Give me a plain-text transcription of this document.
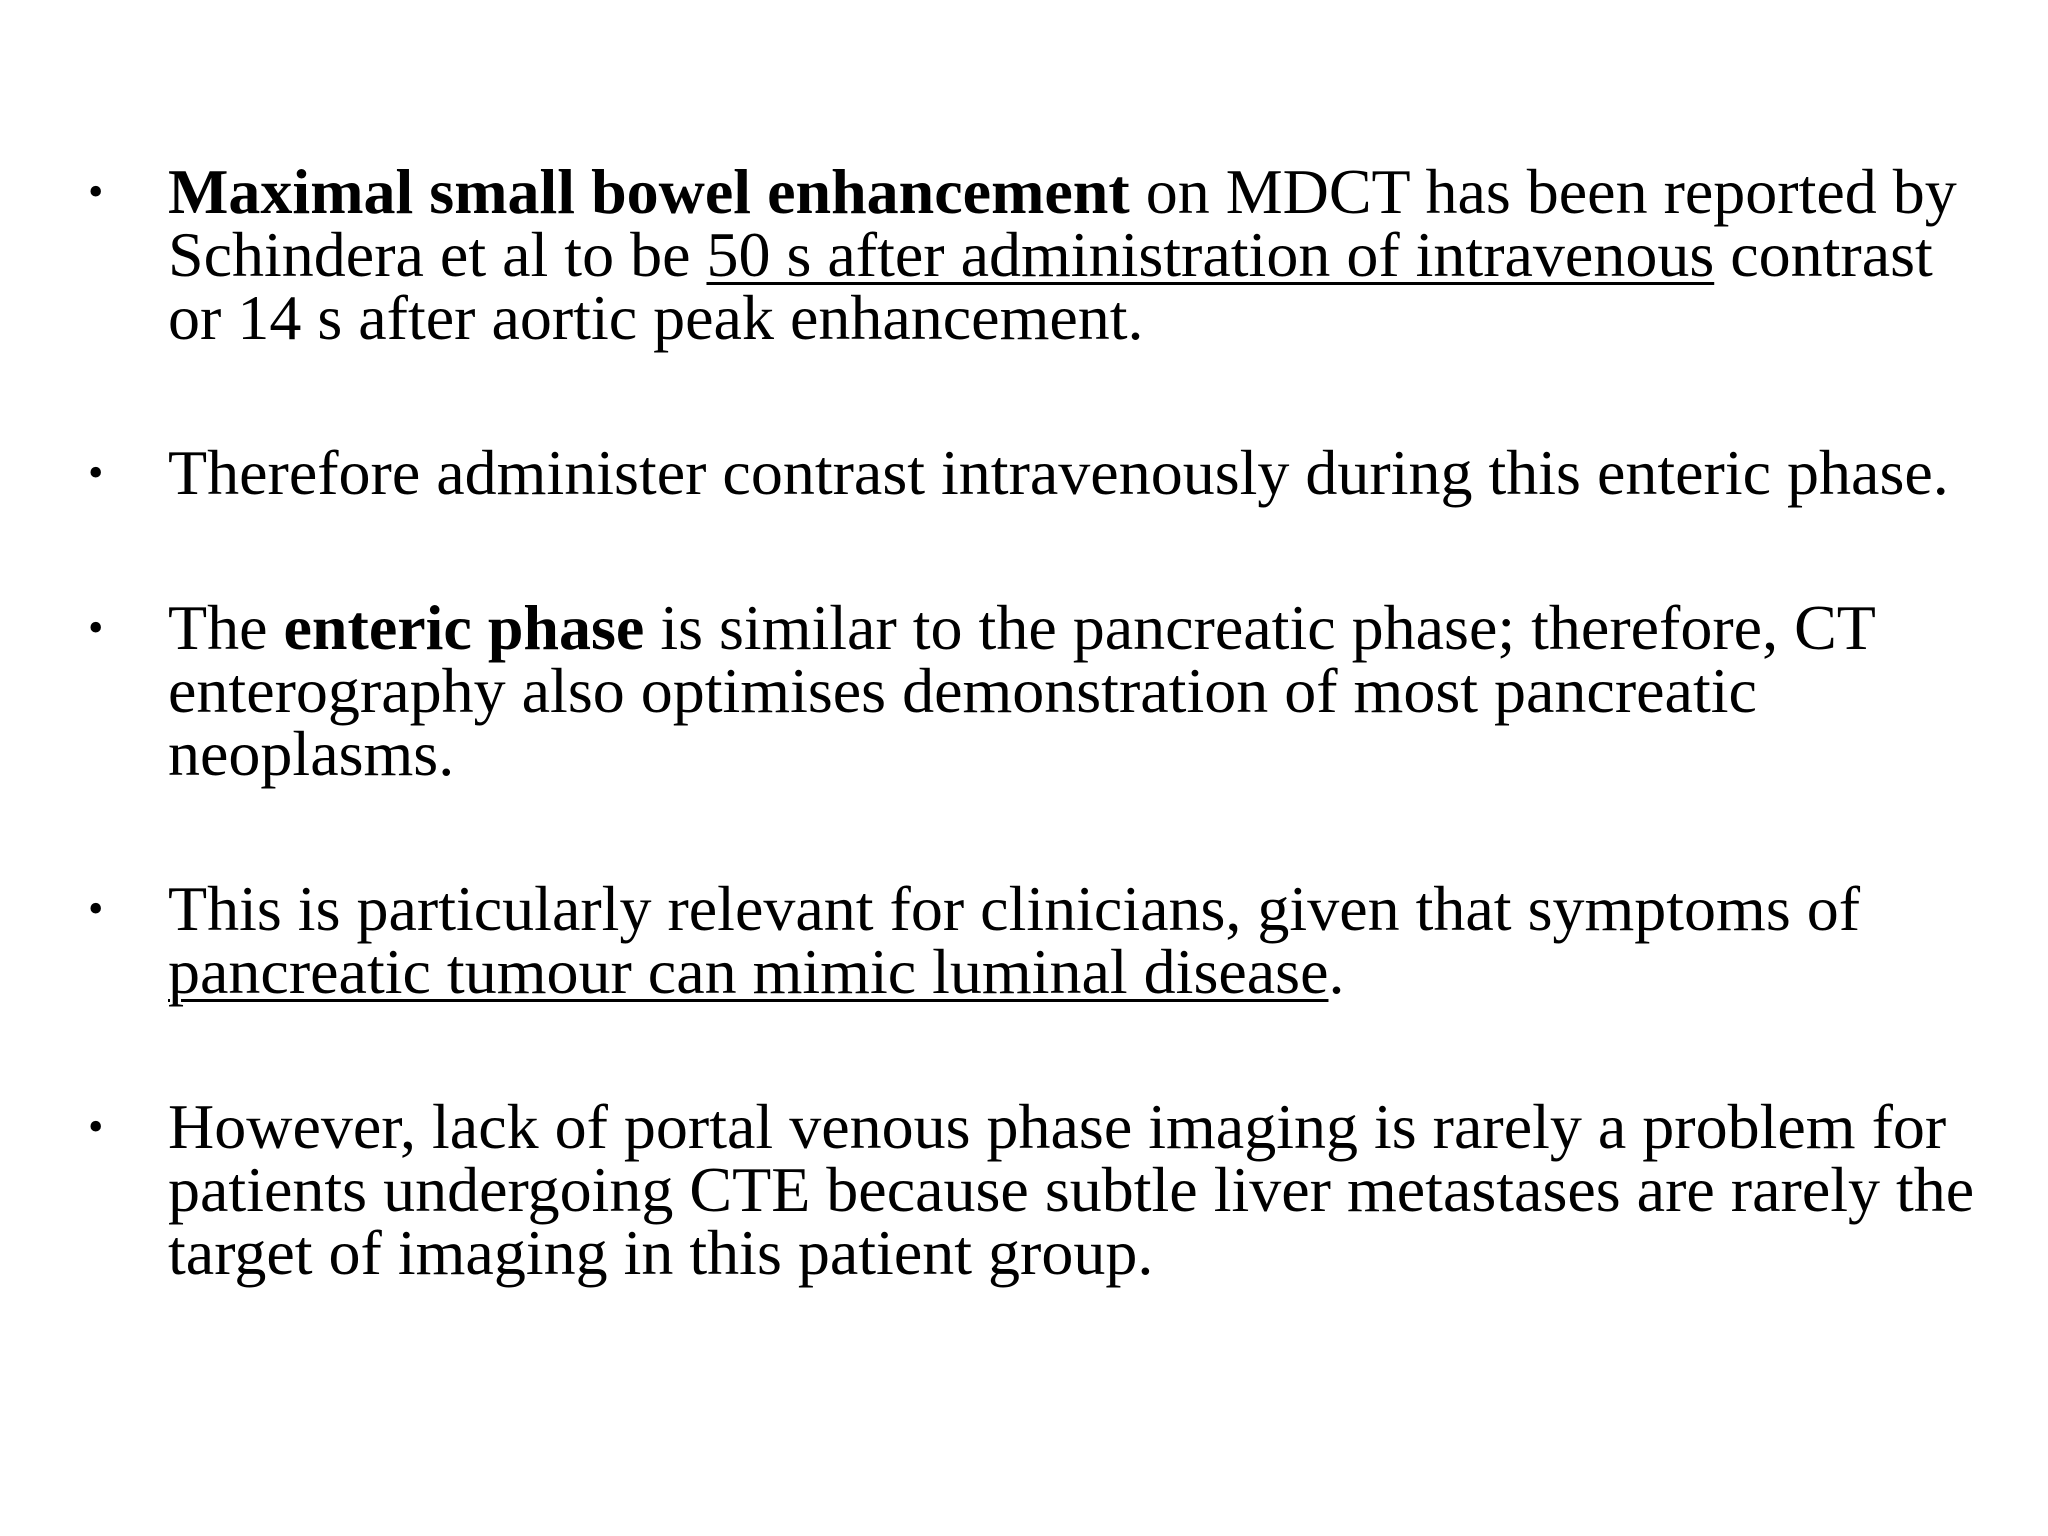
• Maximal small bowel enhancement on MDCT has been reported by Schindera et al to be 50 s after administration of intravenous contrast or 14 s after aortic peak enhancement.
• Therefore administer contrast intravenously during this enteric phase.
• The enteric phase is similar to the pancreatic phase; therefore, CT enterography also optimises demonstration of most pancreatic neoplasms.
• This is particularly relevant for clinicians, given that symptoms of pancreatic tumour can mimic luminal disease.
• However, lack of portal venous phase imaging is rarely a problem for patients undergoing CTE because subtle liver metastases are rarely the target of imaging in this patient group.
